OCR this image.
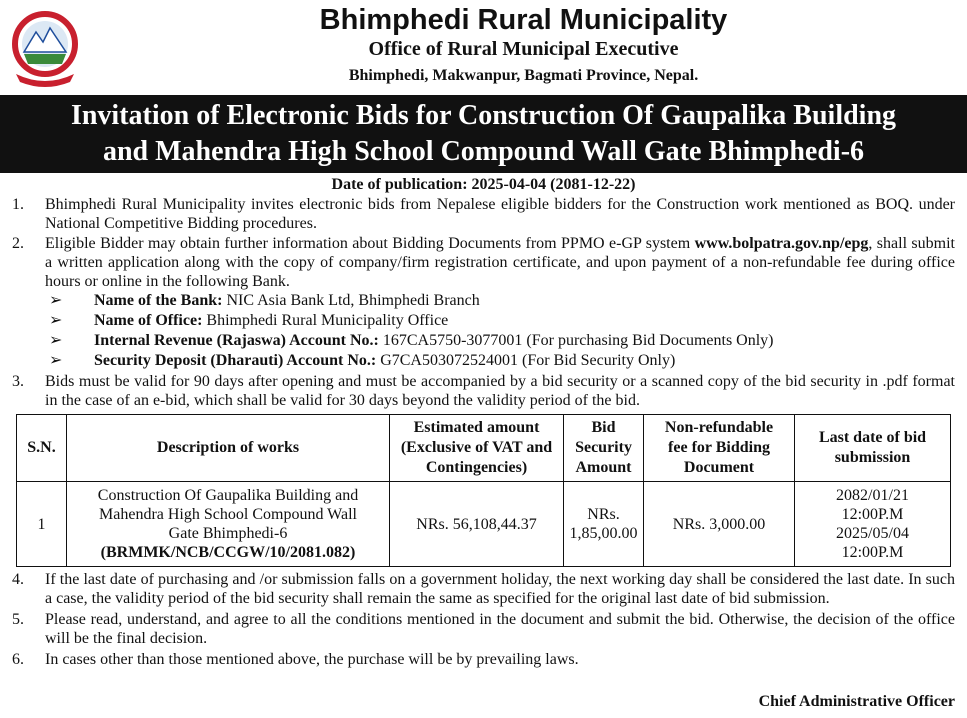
Bhimphedi Rural Municipality
Office of Rural Municipal Executive
Bhimphedi, Makwanpur, Bagmati Province, Nepal.
Invitation of Electronic Bids for Construction Of Gaupalika Building
and Mahendra High School Compound Wall Gate Bhimphedi-6
Date of publication: 2025-04-04 (2081-12-22)
1.	Bhimphedi Rural Municipality invites electronic bids from Nepalese eligible bidders for the Construction work mentioned as BOQ. under National Competitive Bidding procedures.
2.	Eligible Bidder may obtain further information about Bidding Documents from PPMO e-GP system www.bolpatra.gov.np/epg, shall submit a written application along with the copy of company/firm registration certificate, and upon payment of a non-refundable fee during office hours or online in the following Bank.
➢	Name of the Bank: NIC Asia Bank Ltd, Bhimphedi Branch
➢	Name of Office: Bhimphedi Rural Municipality Office
➢	Internal Revenue (Rajaswa) Account No.: 167CA5750-3077001 (For purchasing Bid Documents Only)
➢	Security Deposit (Dharauti) Account No.: G7CA503072524001 (For Bid Security Only)
3.	Bids must be valid for 90 days after opening and must be accompanied by a bid security or a scanned copy of the bid security in .pdf format in the case of an e-bid, which shall be valid for 30 days beyond the validity period of the bid.
S.N.	Description of works	Estimated amount
(Exclusive of VAT and
Contingencies)	Bid
Security
Amount	Non-refundable
fee for Bidding
Document	Last date of bid
submission
1	Construction Of Gaupalika Building and
Mahendra High School Compound Wall
Gate Bhimphedi-6
(BRMMK/NCB/CCGW/10/2081.082)	NRs. 56,108,44.37	NRs.
1,85,00.00	NRs. 3,000.00	2082/01/21
12:00P.M
2025/05/04
12:00P.M
4.	If the last date of purchasing and /or submission falls on a government holiday, the next working day shall be considered the last date. In such a case, the validity period of the bid security shall remain the same as specified for the original last date of bid submission.
5.	Please read, understand, and agree to all the conditions mentioned in the document and submit the bid. Otherwise, the decision of the office will be the final decision.
6.	In cases other than those mentioned above, the purchase will be by prevailing laws.
Chief Administrative Officer
